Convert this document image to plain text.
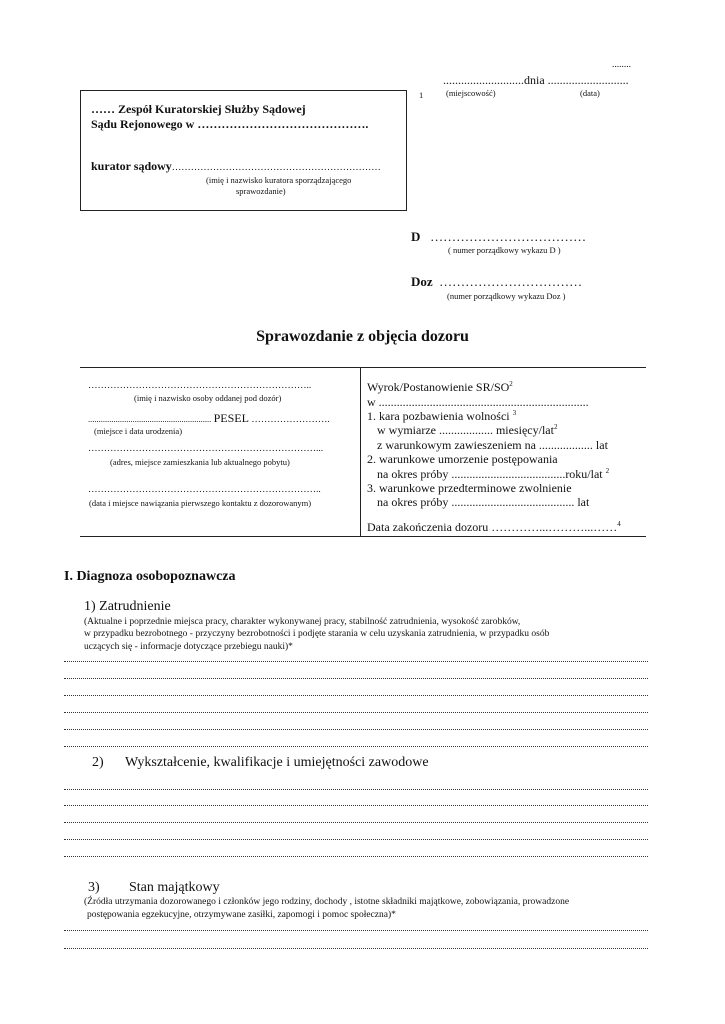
........
...........................dnia ...........................
(miejscowość)	(data)
1
…… Zespół Kuratorskiej Służby Sądowej
Sądu Rejonowego w …………………………………….
kurator sądowy…………………………………………………………
(imię i nazwisko kuratora sporządzającego
sprawozdanie)
D ………………………………
( numer porządkowy wykazu D )
Doz ……………………………
(numer porządkowy wykazu Doz )
Sprawozdanie z objęcia dozoru
……………………………………………………………..
(imię i nazwisko osoby oddanej pod dozór)
.......................................................... PESEL …………………….
(miejsce i data urodzenia)
………………………………………………………………...
(adres, miejsce zamieszkania lub aktualnego pobytu)
………………………………………………………………..
(data i miejsce nawiązania pierwszego kontaktu z dozorowanym)
Wyrok/Postanowienie $SR/SO^2$
w ......................................................................
1. kara pozbawienia wolności $^3$
w wymiarze .................. miesięcy/lat$^2$
z warunkowym zawieszeniem na .................. lat
2. warunkowe umorzenie postępowania
na okres próby ......................................roku/lat $^2$
3. warunkowe przedterminowe zwolnienie
na okres próby ......................................... lat
Data zakończenia dozoru …………...………...……$^4$
I. Diagnoza osobopoznawcza
1) Zatrudnienie
(Aktualne i poprzednie miejsca pracy, charakter wykonywanej pracy, stabilność zatrudnienia, wysokość zarobków,
w przypadku bezrobotnego - przyczyny bezrobotności i podjęte starania w celu uzyskania zatrudnienia, w przypadku osób
uczących się - informacje dotyczące przebiegu nauki)*
2) Wykształcenie, kwalifikacje i umiejętności zawodowe
3) Stan majątkowy
(Źródła utrzymania dozorowanego i członków jego rodziny, dochody , istotne składniki majątkowe, zobowiązania, prowadzone
postępowania egzekucyjne, otrzymywane zasiłki, zapomogi i pomoc społeczna)*
